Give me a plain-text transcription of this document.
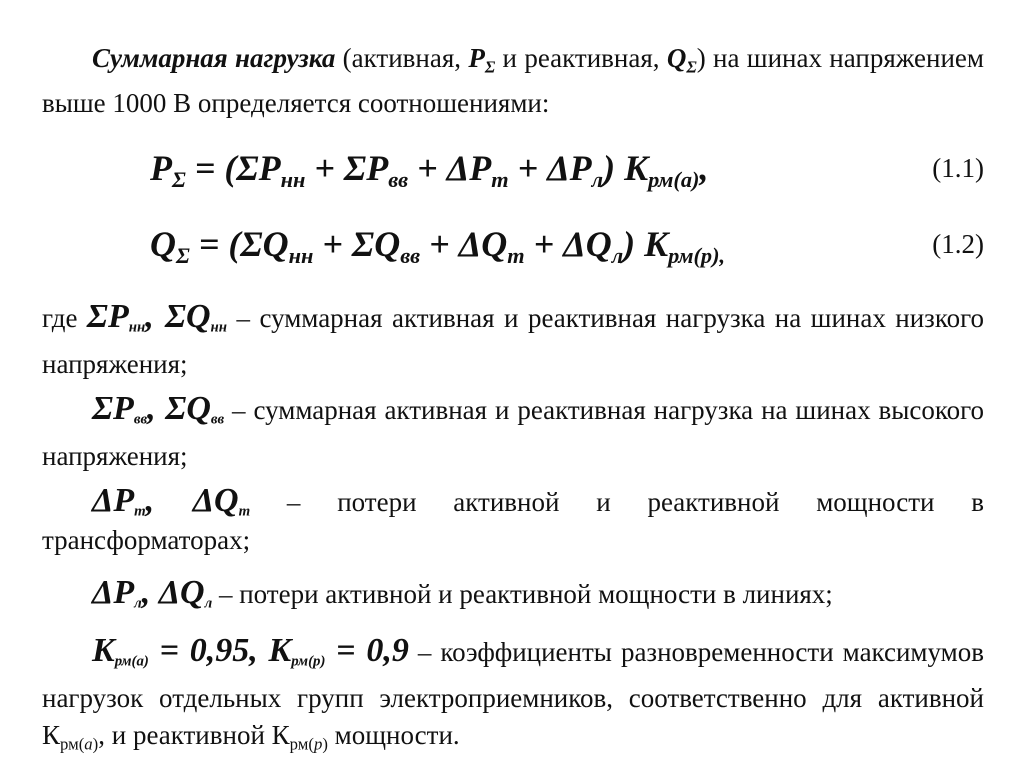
Суммарная нагрузка (активная, $P_\Sigma$ и реактивная, $Q_\Sigma$) на шинах напряжением выше 1000 В определяется соотношениями:
$P_\Sigma = (\Sigma P_{нн} + \Sigma P_{вв} + \Delta P_т + \Delta P_л)$ $K_{рм(а)}$,	(1.1)
$Q_\Sigma = (\Sigma Q_{нн} + \Sigma Q_{вв} + \Delta Q_т + \Delta Q_л)$ $K_{рм(р),}$	(1.2)
где ΣPнн, ΣQнн – суммарная активная и реактивная нагрузка на шинах низкого напряжения;
ΣPвв, ΣQвв – суммарная активная и реактивная нагрузка на шинах высокого напряжения;
ΔPт, ΔQт – потери активной и реактивной мощности в
трансформаторах;
ΔPл, ΔQл – потери активной и реактивной мощности в линиях;
Kрм(а) = 0,95, Kрм(р) = 0,9 – коэффициенты разновременности максимумов нагрузок отдельных групп электроприемников, соответственно для активной $К_{рм(а)}$, и реактивной $К_{рм(р)}$ мощности.
